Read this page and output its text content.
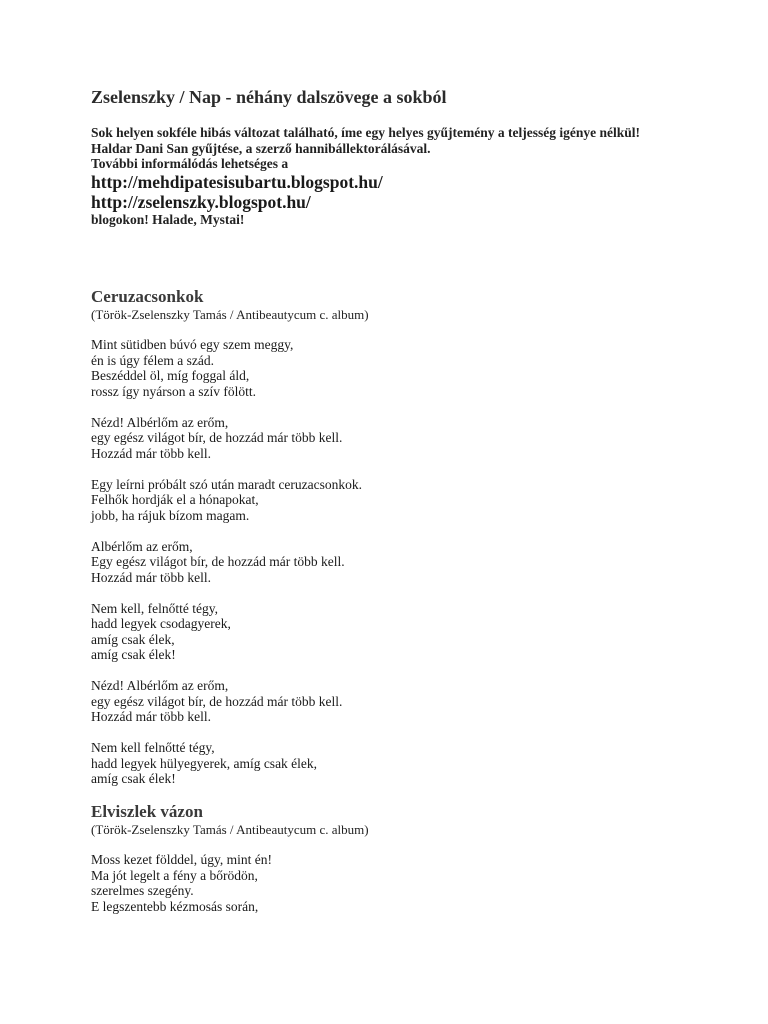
Zselenszky / Nap - néhány dalszövege a sokból
Sok helyen sokféle hibás változat található, íme egy helyes gyűjtemény a teljesség igénye nélkül!
Haldar Dani San gyűjtése, a szerző hannibállektorálásával.
További informálódás lehetséges a
http://mehdipatesisubartu.blogspot.hu/
http://zselenszky.blogspot.hu/
blogokon! Halade, Mystai!
Ceruzacsonkok
(Török-Zselenszky Tamás / Antibeautycum c. album)
Mint sütidben búvó egy szem meggy,
én is úgy félem a szád.
Beszéddel öl, míg foggal áld,
rossz így nyárson a szív fölött.
Nézd! Albérlőm az erőm,
egy egész világot bír, de hozzád már több kell.
Hozzád már több kell.
Egy leírni próbált szó után maradt ceruzacsonkok.
Felhők hordják el a hónapokat,
jobb, ha rájuk bízom magam.
Albérlőm az erőm,
Egy egész világot bír, de hozzád már több kell.
Hozzád már több kell.
Nem kell, felnőtté tégy,
hadd legyek csodagyerek,
amíg csak élek,
amíg csak élek!
Nézd! Albérlőm az erőm,
egy egész világot bír, de hozzád már több kell.
Hozzád már több kell.
Nem kell felnőtté tégy,
hadd legyek hülyegyerek, amíg csak élek,
amíg csak élek!
Elviszlek vázon
(Török-Zselenszky Tamás / Antibeautycum c. album)
Moss kezet földdel, úgy, mint én!
Ma jót legelt a fény a bőrödön,
szerelmes szegény.
E legszentebb kézmosás során,
